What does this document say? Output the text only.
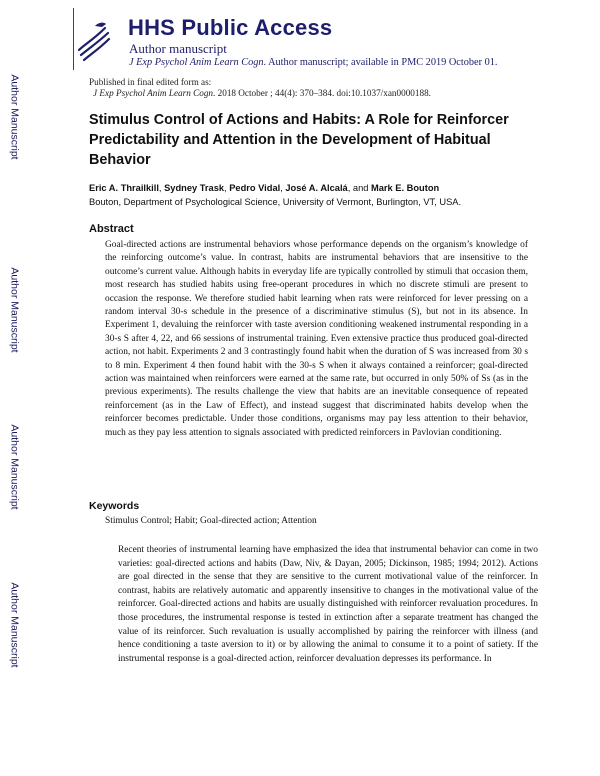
Author Manuscript
Author Manuscript
Author Manuscript
Author Manuscript
HHS Public Access
Author manuscript
J Exp Psychol Anim Learn Cogn. Author manuscript; available in PMC 2019 October 01.
Published in final edited form as:
J Exp Psychol Anim Learn Cogn. 2018 October ; 44(4): 370–384. doi:10.1037/xan0000188.
Stimulus Control of Actions and Habits: A Role for Reinforcer Predictability and Attention in the Development of Habitual Behavior
Eric A. Thrailkill, Sydney Trask, Pedro Vidal, José A. Alcalá, and Mark E. Bouton
Bouton, Department of Psychological Science, University of Vermont, Burlington, VT, USA.
Abstract

Goal-directed actions are instrumental behaviors whose performance depends on the organism’s knowledge of the reinforcing outcome’s value. In contrast, habits are instrumental behaviors that are insensitive to the outcome’s current value. Although habits in everyday life are typically controlled by stimuli that occasion them, most research has studied habits using free-operant procedures in which no discrete stimuli are present to occasion the response. We therefore studied habit learning when rats were reinforced for lever pressing on a random interval 30-s schedule in the presence of a discriminative stimulus (S), but not in its absence. In Experiment 1, devaluing the reinforcer with taste aversion conditioning weakened instrumental responding in a 30-s S after 4, 22, and 66 sessions of instrumental training. Even extensive practice thus produced goal-directed action, not habit. Experiments 2 and 3 contrastingly found habit when the duration of S was increased from 30 s to 8 min. Experiment 4 then found habit with the 30-s S when it always contained a reinforcer; goal-directed action was maintained when reinforcers were earned at the same rate, but occurred in only 50% of Ss (as in the previous experiments). The results challenge the view that habits are an inevitable consequence of repeated reinforcement (as in the Law of Effect), and instead suggest that discriminated habits develop when the reinforcer becomes predictable. Under those conditions, organisms may pay less attention to their behavior, much as they pay less attention to signals associated with predicted reinforcers in Pavlovian conditioning.

Keywords

Stimulus Control; Habit; Goal-directed action; Attention

Recent theories of instrumental learning have emphasized the idea that instrumental behavior can come in two varieties: goal-directed actions and habits (Daw, Niv, & Dayan, 2005; Dickinson, 1985; 1994; 2012). Actions are goal directed in the sense that they are sensitive to the current motivational value of the reinforcer. In contrast, habits are relatively automatic and apparently insensitive to changes in the motivational value of the reinforcer. Goal-directed actions and habits are usually distinguished with reinforcer revaluation procedures. In those procedures, the instrumental response is tested in extinction after a separate treatment has changed the value of its reinforcer. Such revaluation is usually accomplished by pairing the reinforcer with illness (and hence conditioning a taste aversion to it) or by allowing the animal to consume it to a point of satiety. If the instrumental response is a goal-directed action, reinforcer devaluation depresses its performance. In
